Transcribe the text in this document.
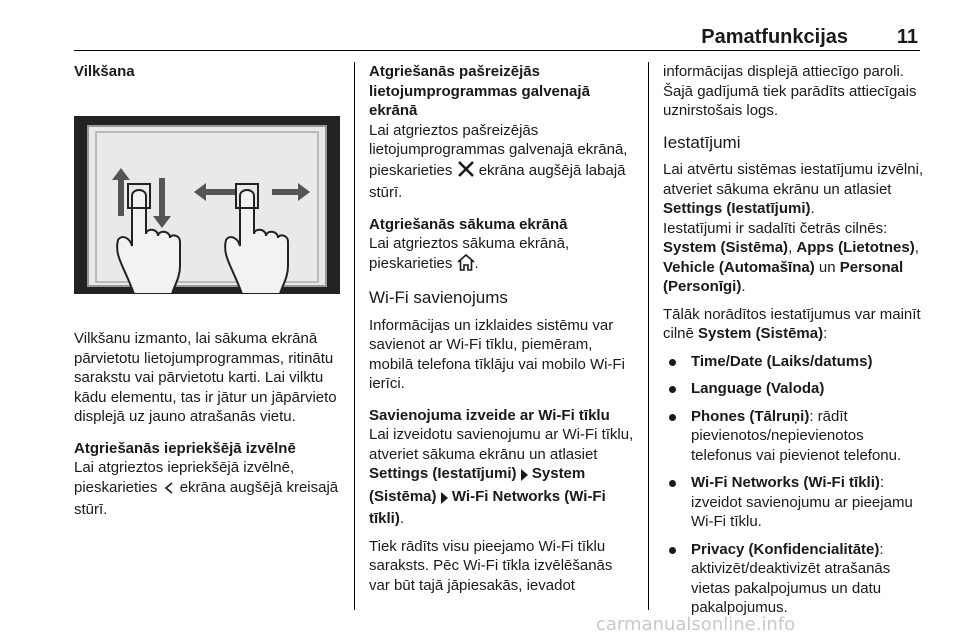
Pamatfunkcijas 11

Vilkšana

Vilkšanu izmanto, lai sākuma ekrānā pārvietotu lietojumprogrammas, ritinātu sarakstu vai pārvietotu karti. Lai vilktu kādu elementu, tas ir jātur un jāpārvieto displejā uz jauno atrašanās vietu.

Atgriešanās iepriekšējā izvēlnē

Lai atgrieztos iepriekšējā izvēlnē, pieskarieties ekrāna augšējā kreisajā stūrī.

Atgriešanās pašreizējās lietojumprogrammas galvenajā ekrānā

Lai atgrieztos pašreizējās lietojumprogrammas galvenajā ekrānā, pieskarieties ekrāna augšējā labajā stūrī.

Atgriešanās sākuma ekrānā

Lai atgrieztos sākuma ekrānā, pieskarieties .

Wi-Fi savienojums

Informācijas un izklaides sistēmu var savienot ar Wi-Fi tīklu, piemēram, mobilā telefona tīklāju vai mobilo Wi-Fi ierīci.

Savienojuma izveide ar Wi-Fi tīklu

Lai izveidotu savienojumu ar Wi-Fi tīklu, atveriet sākuma ekrānu un atlasiet Settings (Iestatījumi) System (Sistēma) Wi-Fi Networks (Wi-Fi tīkli).

Tiek rādīts visu pieejamo Wi-Fi tīklu saraksts. Pēc Wi-Fi tīkla izvēlēšanās var būt tajā jāpiesakās, ievadot

informācijas displejā attiecīgo paroli. Šajā gadījumā tiek parādīts attiecīgais uznirstošais logs.

Iestatījumi

Lai atvērtu sistēmas iestatījumu izvēlni, atveriet sākuma ekrānu un atlasiet Settings (Iestatījumi).

Iestatījumi ir sadalīti četrās cilnēs: System (Sistēma), Apps (Lietotnes), Vehicle (Automašīna) un Personal (Personīgi).

Tālāk norādītos iestatījumus var mainīt cilnē System (Sistēma):

Time/Date (Laiks/datums)
Language (Valoda)
Phones (Tālruņi): rādīt pievienotos/nepievienotos telefonus vai pievienot telefonu.
Wi-Fi Networks (Wi-Fi tīkli): izveidot savienojumu ar pieejamu Wi-Fi tīklu.
Privacy (Konfidencialitāte): aktivizēt/deaktivizēt atrašanās vietas pakalpojumus un datu pakalpojumus.
carmanualsonline.info
